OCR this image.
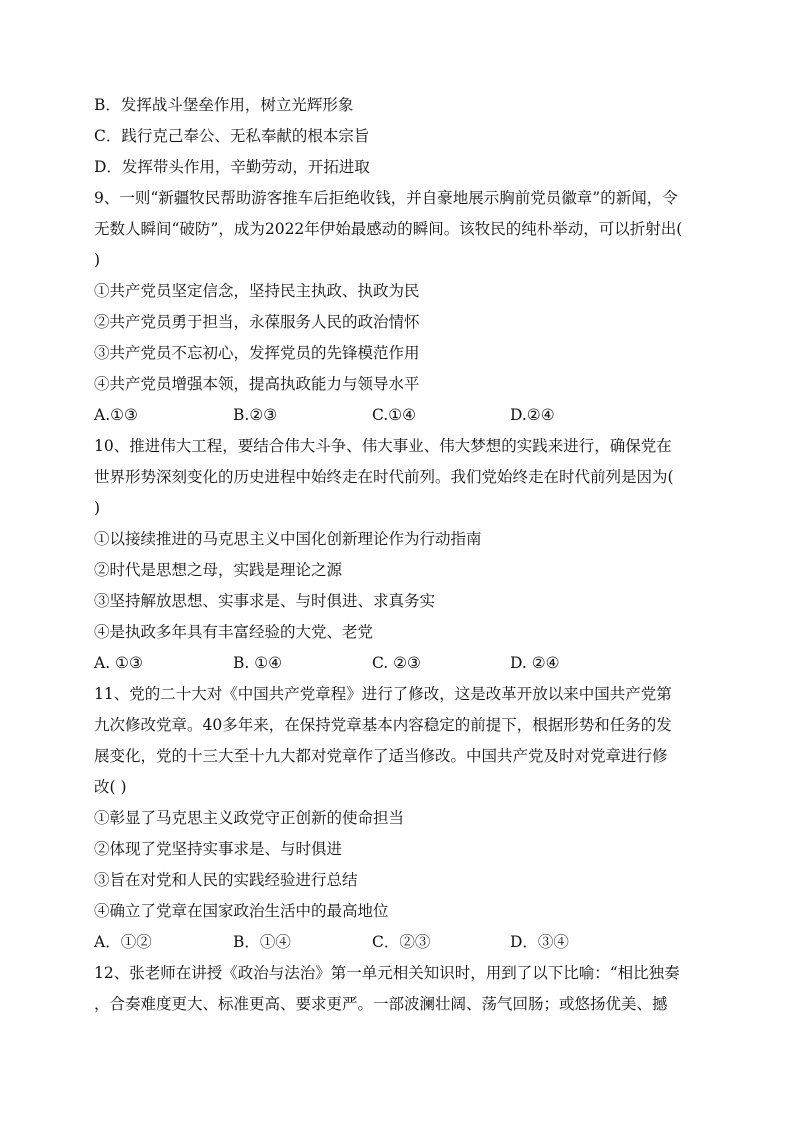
B．发挥战斗堡垒作用，树立光辉形象
C．践行克己奉公、无私奉献的根本宗旨
D．发挥带头作用，辛勤劳动，开拓进取
9、一则“新疆牧民帮助游客推车后拒绝收钱，并自豪地展示胸前党员徽章”的新闻，令
无数人瞬间“破防”，成为2022年伊始最感动的瞬间。该牧民的纯朴举动，可以折射出(
)
①共产党员坚定信念，坚持民主执政、执政为民
②共产党员勇于担当，永葆服务人民的政治情怀
③共产党员不忘初心，发挥党员的先锋模范作用
④共产党员增强本领，提高执政能力与领导水平
A.①③	B.②③	C.①④	D.②④
10、推进伟大工程，要结合伟大斗争、伟大事业、伟大梦想的实践来进行，确保党在
世界形势深刻变化的历史进程中始终走在时代前列。我们党始终走在时代前列是因为(
)
①以接续推进的马克思主义中国化创新理论作为行动指南
②时代是思想之母，实践是理论之源
③坚持解放思想、实事求是、与时俱进、求真务实
④是执政多年具有丰富经验的大党、老党
A. ①③	B. ①④	C. ②③	D. ②④
11、党的二十大对《中国共产党章程》进行了修改，这是改革开放以来中国共产党第
九次修改党章。40多年来，在保持党章基本内容稳定的前提下，根据形势和任务的发
展变化，党的十三大至十九大都对党章作了适当修改。中国共产党及时对党章进行修
改( )
①彰显了马克思主义政党守正创新的使命担当
②体现了党坚持实事求是、与时俱进
③旨在对党和人民的实践经验进行总结
④确立了党章在国家政治生活中的最高地位
A．①②	B．①④	C．②③	D．③④
12、张老师在讲授《政治与法治》第一单元相关知识时，用到了以下比喻：“相比独奏
，合奏难度更大、标准更高、要求更严。一部波澜壮阔、荡气回肠；或悠扬优美、撼
